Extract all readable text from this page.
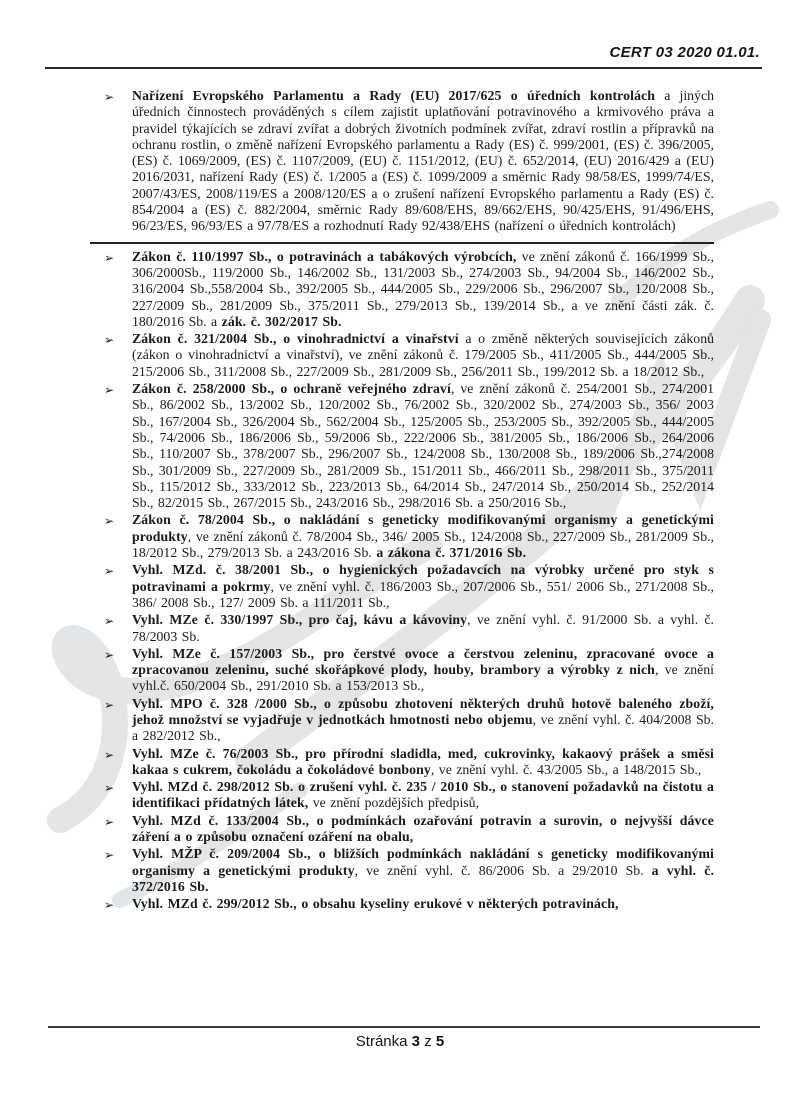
CERT 03 2020 01.01.
➢	Nařízení Evropského Parlamentu a Rady (EU) 2017/625 o úředních kontrolách a jiných úředních činnostech prováděných s cílem zajistit uplatňování potravinového a krmivového práva a pravidel týkajících se zdraví zvířat a dobrých životních podmínek zvířat, zdraví rostlin a přípravků na ochranu rostlin, o změně nařízení Evropského parlamentu a Rady (ES) č. 999/2001, (ES) č. 396/2005, (ES) č. 1069/2009, (ES) č. 1107/2009, (EU) č. 1151/2012, (EU) č. 652/2014, (EU) 2016/429 a (EU) 2016/2031, nařízení Rady (ES) č. 1/2005 a (ES) č. 1099/2009 a směrnic Rady 98/58/ES, 1999/74/ES, 2007/43/ES, 2008/119/ES a 2008/120/ES a o zrušení nařízení Evropského parlamentu a Rady (ES) č. 854/2004 a (ES) č. 882/2004, směrnic Rady 89/608/EHS, 89/662/EHS, 90/425/EHS, 91/496/EHS, 96/23/ES, 96/93/ES a 97/78/ES a rozhodnutí Rady 92/438/EHS (nařízení o úředních kontrolách)
➢	Zákon č. 110/1997 Sb., o potravinách a tabákových výrobcích, ve znění zákonů č. 166/1999 Sb., 306/2000Sb., 119/2000 Sb., 146/2002 Sb., 131/2003 Sb., 274/2003 Sb., 94/2004 Sb., 146/2002 Sb., 316/2004 Sb.,558/2004 Sb., 392/2005 Sb., 444/2005 Sb., 229/2006 Sb., 296/2007 Sb., 120/2008 Sb., 227/2009 Sb., 281/2009 Sb., 375/2011 Sb., 279/2013 Sb., 139/2014 Sb., a ve znění části zák. č. 180/2016 Sb. a zák. č. 302/2017 Sb.
➢	Zákon č. 321/2004 Sb., o vinohradnictví a vinařství a o změně některých souvisejících zákonů (zákon o vinohradnictví a vinařství), ve znění zákonů č. 179/2005 Sb., 411/2005 Sb., 444/2005 Sb., 215/2006 Sb., 311/2008 Sb., 227/2009 Sb., 281/2009 Sb., 256/2011 Sb., 199/2012 Sb. a 18/2012 Sb.,
➢	Zákon č. 258/2000 Sb., o ochraně veřejného zdraví, ve znění zákonů č. 254/2001 Sb., 274/2001 Sb., 86/2002 Sb., 13/2002 Sb., 120/2002 Sb., 76/2002 Sb., 320/2002 Sb., 274/2003 Sb., 356/ 2003 Sb., 167/2004 Sb., 326/2004 Sb., 562/2004 Sb., 125/2005 Sb., 253/2005 Sb., 392/2005 Sb., 444/2005 Sb., 74/2006 Sb., 186/2006 Sb., 59/2006 Sb., 222/2006 Sb., 381/2005 Sb., 186/2006 Sb., 264/2006 Sb., 110/2007 Sb., 378/2007 Sb., 296/2007 Sb., 124/2008 Sb., 130/2008 Sb., 189/2006 Sb.,274/2008 Sb., 301/2009 Sb., 227/2009 Sb., 281/2009 Sb., 151/2011 Sb., 466/2011 Sb., 298/2011 Sb., 375/2011 Sb., 115/2012 Sb., 333/2012 Sb., 223/2013 Sb., 64/2014 Sb., 247/2014 Sb., 250/2014 Sb., 252/2014 Sb., 82/2015 Sb., 267/2015 Sb., 243/2016 Sb., 298/2016 Sb. a 250/2016 Sb.,
➢	Zákon č. 78/2004 Sb., o nakládání s geneticky modifikovanými organismy a genetickými produkty, ve znění zákonů č. 78/2004 Sb., 346/ 2005 Sb., 124/2008 Sb., 227/2009 Sb., 281/2009 Sb., 18/2012 Sb., 279/2013 Sb. a 243/2016 Sb. a zákona č. 371/2016 Sb.
➢	Vyhl. MZd. č. 38/2001 Sb., o hygienických požadavcích na výrobky určené pro styk s potravinami a pokrmy, ve znění vyhl. č. 186/2003 Sb., 207/2006 Sb., 551/ 2006 Sb., 271/2008 Sb., 386/ 2008 Sb., 127/ 2009 Sb. a 111/2011 Sb.,
➢	Vyhl. MZe č. 330/1997 Sb., pro čaj, kávu a kávoviny, ve znění vyhl. č. 91/2000 Sb. a vyhl. č. 78/2003 Sb.
➢	Vyhl. MZe č. 157/2003 Sb., pro čerstvé ovoce a čerstvou zeleninu, zpracované ovoce a zpracovanou zeleninu, suché skořápkové plody, houby, brambory a výrobky z nich, ve znění vyhl.č. 650/2004 Sb., 291/2010 Sb. a 153/2013 Sb.,
➢	Vyhl. MPO č. 328 /2000 Sb., o způsobu zhotovení některých druhů hotově baleného zboží, jehož množství se vyjadřuje v jednotkách hmotnosti nebo objemu, ve znění vyhl. č. 404/2008 Sb. a 282/2012 Sb.,
➢	Vyhl. MZe č. 76/2003 Sb., pro přírodní sladidla, med, cukrovinky, kakaový prášek a směsi kakaa s cukrem, čokoládu a čokoládové bonbony, ve znění vyhl. č. 43/2005 Sb., a 148/2015 Sb.,
➢	Vyhl. MZd č. 298/2012 Sb. o zrušení vyhl. č. 235 / 2010 Sb., o stanovení požadavků na čistotu a identifikaci přídatných látek, ve znění pozdějších předpisů,
➢	Vyhl. MZd č. 133/2004 Sb., o podmínkách ozařování potravin a surovin, o nejvyšší dávce záření a o způsobu označení ozáření na obalu,
➢	Vyhl. MŽP č. 209/2004 Sb., o bližších podmínkách nakládání s geneticky modifikovanými organismy a genetickými produkty, ve znění vyhl. č. 86/2006 Sb. a 29/2010 Sb. a vyhl. č. 372/2016 Sb.
➢	Vyhl. MZd č. 299/2012 Sb., o obsahu kyseliny erukové v některých potravinách,
Stránka 3 z 5
